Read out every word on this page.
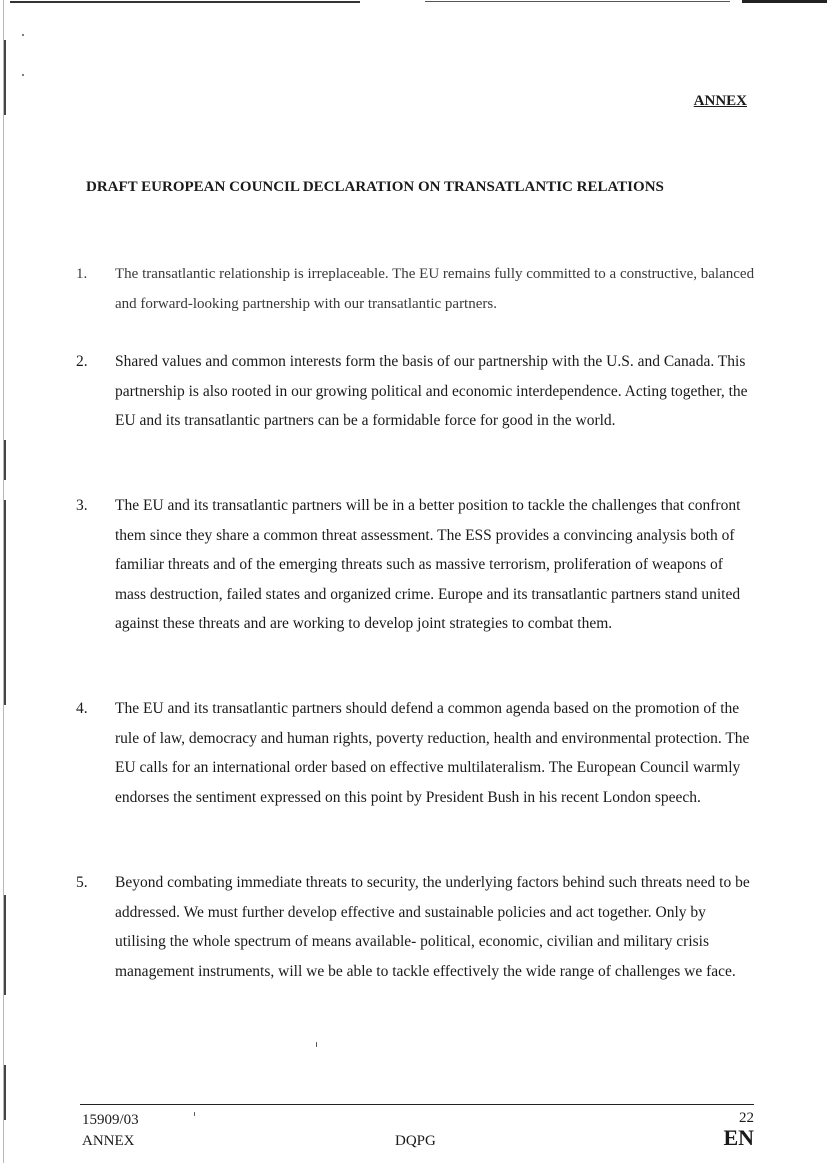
ANNEX
DRAFT EUROPEAN COUNCIL DECLARATION ON TRANSATLANTIC RELATIONS
1. The transatlantic relationship is irreplaceable. The EU remains fully committed to a constructive, balanced and forward-looking partnership with our transatlantic partners.
2. Shared values and common interests form the basis of our partnership with the U.S. and Canada. This partnership is also rooted in our growing political and economic interdependence. Acting together, the EU and its transatlantic partners can be a formidable force for good in the world.
3. The EU and its transatlantic partners will be in a better position to tackle the challenges that confront them since they share a common threat assessment. The ESS provides a convincing analysis both of familiar threats and of the emerging threats such as massive terrorism, proliferation of weapons of mass destruction, failed states and organized crime. Europe and its transatlantic partners stand united against these threats and are working to develop joint strategies to combat them.
4. The EU and its transatlantic partners should defend a common agenda based on the promotion of the rule of law, democracy and human rights, poverty reduction, health and environmental protection. The EU calls for an international order based on effective multilateralism. The European Council warmly endorses the sentiment expressed on this point by President Bush in his recent London speech.
5. Beyond combating immediate threats to security, the underlying factors behind such threats need to be addressed. We must further develop effective and sustainable policies and act together. Only by utilising the whole spectrum of means available- political, economic, civilian and military crisis management instruments, will we be able to tackle effectively the wide range of challenges we face.
15909/03
ANNEX	DQPG
22
EN
